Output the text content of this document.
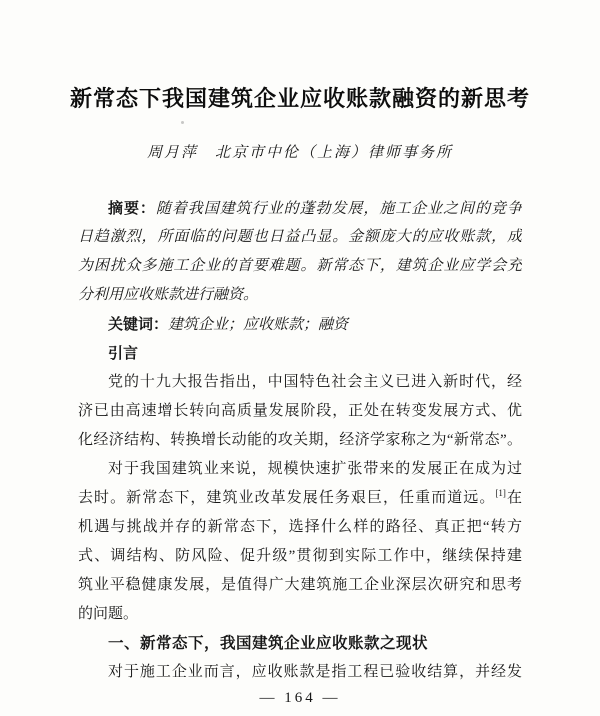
新常态下我国建筑企业应收账款融资的新思考
周月萍　北京市中伦（上海）律师事务所
摘要：随着我国建筑行业的蓬勃发展，施工企业之间的竞争
日趋激烈，所面临的问题也日益凸显。金额庞大的应收账款，成
为困扰众多施工企业的首要难题。新常态下，建筑企业应学会充
分利用应收账款进行融资。
关键词：建筑企业；应收账款；融资
引言
党的十九大报告指出，中国特色社会主义已进入新时代，经
济已由高速增长转向高质量发展阶段，正处在转变发展方式、优
化经济结构、转换增长动能的攻关期，经济学家称之为“新常态”。
对于我国建筑业来说，规模快速扩张带来的发展正在成为过
去时。新常态下，建筑业改革发展任务艰巨，任重而道远。[1]在
机遇与挑战并存的新常态下，选择什么样的路径、真正把“转方
式、调结构、防风险、促升级”贯彻到实际工作中，继续保持建
筑业平稳健康发展，是值得广大建筑施工企业深层次研究和思考
的问题。
一、新常态下，我国建筑企业应收账款之现状
对于施工企业而言，应收账款是指工程已验收结算，并经发
— 164 —
